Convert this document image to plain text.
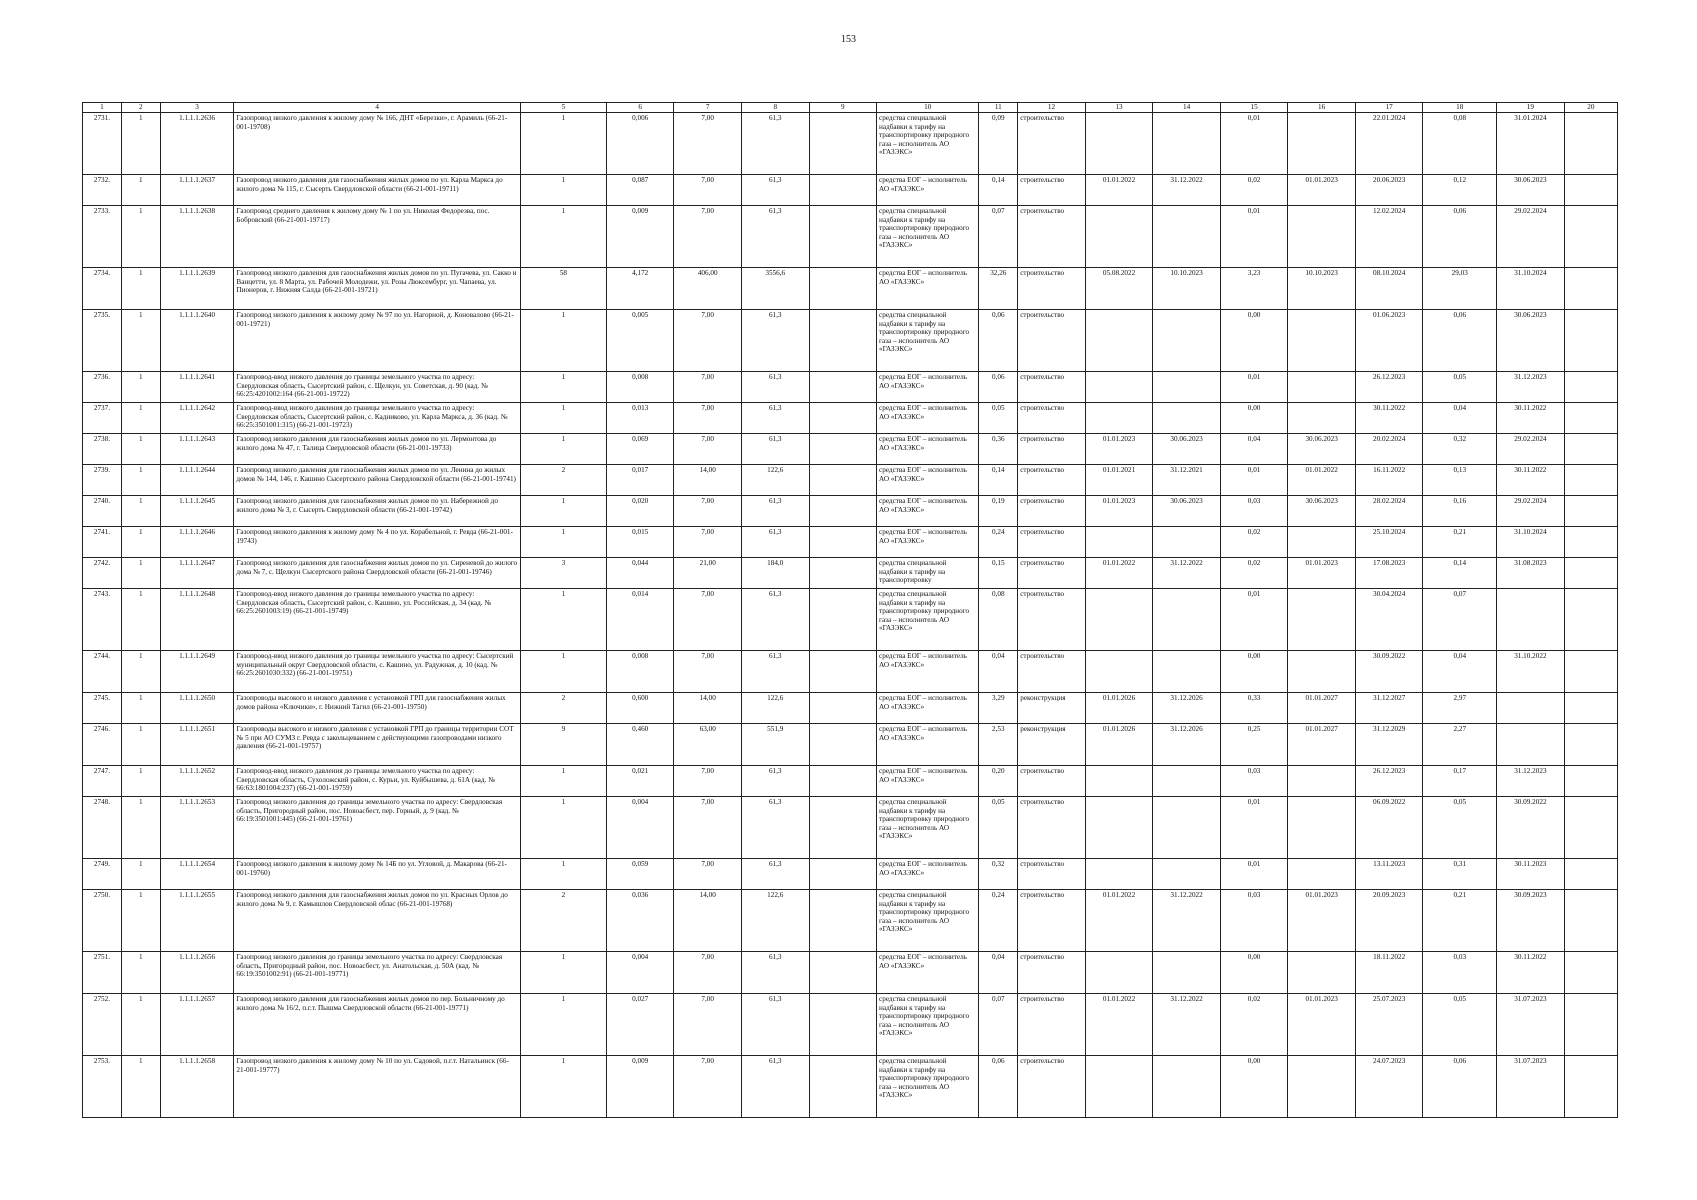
153
1	2	3	4	5	6	7	8	9	10	11	12	13	14	15	16	17	18	19	20
2731.	1	1.1.1.1.2636	Газопровод низкого давления к жилому дому № 166, ДНТ «Березки», г. Арамиль (66-21-001-19708)	1	0,006	7,00	61,3		средства специальной надбавки к тарифу на транспортировку природного газа – исполнитель АО «ГАЗЭКС»	0,09	строительство			0,01		22.01.2024	0,08	31.01.2024	
2732.	1	1.1.1.1.2637	Газопровод низкого давления для газоснабжения жилых домов по ул. Карла Маркса до жилого дома № 115, г. Сысерть Свердловской области (66-21-001-19711)	1	0,087	7,00	61,3		средства ЕОГ – исполнитель АО «ГАЗЭКС»	0,14	строительство	01.01.2022	31.12.2022	0,02	01.01.2023	20.06.2023	0,12	30.06.2023	
2733.	1	1.1.1.1.2638	Газопровод среднего давления к жилому дому № 1 по ул. Николая Федорезва, пос. Бобровский (66-21-001-19717)	1	0,009	7,00	61,3		средства специальной надбавки к тарифу на транспортировку природного газа – исполнитель АО «ГАЗЭКС»	0,07	строительство			0,01		12.02.2024	0,06	29.02.2024	
2734.	1	1.1.1.1.2639	Газопровод низкого давления для газоснабжения жилых домов по ул. Пугачева, ул. Сакко и Ванцетти, ул. 8 Марта, ул. Рабочей Молодежи, ул. Розы Люксембург, ул. Чапаева, ул. Пионеров, г. Нижняя Салда (66-21-001-19721)	58	4,172	406,00	3556,6		средства ЕОГ – исполнитель АО «ГАЗЭКС»	32,26	строительство	05.08.2022	10.10.2023	3,23	10.10.2023	08.10.2024	29,03	31.10.2024	
2735.	1	1.1.1.1.2640	Газопровод низкого давления к жилому дому № 97 по ул. Нагорной, д. Коновалово (66-21-001-19721)	1	0,005	7,00	61,3		средства специальной надбавки к тарифу на транспортировку природного газа – исполнитель АО «ГАЗЭКС»	0,06	строительство			0,00		01.06.2023	0,06	30.06.2023	
2736.	1	1.1.1.1.2641	Газопровод-ввод низкого давления до границы земельного участка по адресу: Свердловская область, Сысертский район, с. Щелкун, ул. Советская, д. 90 (кад. № 66:25:4201002:164 (66-21-001-19722)	1	0,008	7,00	61,3		средства ЕОГ – исполнитель АО «ГАЗЭКС»	0,06	строительство			0,01		26.12.2023	0,05	31.12.2023	
2737.	1	1.1.1.1.2642	Газопровод-ввод низкого давления до границы земельного участка по адресу: Свердловская область, Сысертский район, с. Кадниково, ул. Карла Маркса, д. 36 (кад. № 66:25:3501001:315) (66-21-001-19723)	1	0,013	7,00	61,3		средства ЕОГ – исполнитель АО «ГАЗЭКС»	0,05	строительство			0,00		30.11.2022	0,04	30.11.2022	
2738.	1	1.1.1.1.2643	Газопровод низкого давления для газоснабжения жилых домов по ул. Лермонтова до жилого дома № 47, г. Талица Свердловской области (66-21-001-19733)	1	0,069	7,00	61,3		средства ЕОГ – исполнитель АО «ГАЗЭКС»	0,36	строительство	01.01.2023	30.06.2023	0,04	30.06.2023	20.02.2024	0,32	29.02.2024	
2739.	1	1.1.1.1.2644	Газопровод низкого давления для газоснабжения жилых домов по ул. Ленина до жилых домов № 144, 146, г. Кашино Сысертского района Свердловской области (66-21-001-19741)	2	0,017	14,00	122,6		средства ЕОГ – исполнитель АО «ГАЗЭКС»	0,14	строительство	01.01.2021	31.12.2021	0,01	01.01.2022	16.11.2022	0,13	30.11.2022	
2740.	1	1.1.1.1.2645	Газопровод низкого давления для газоснабжения жилых домов по ул. Набережной до жилого дома № 3, г. Сысерть Свердловской области (66-21-001-19742)	1	0,020	7,00	61,3		средства ЕОГ – исполнитель АО «ГАЗЭКС»	0,19	строительство	01.01.2023	30.06.2023	0,03	30.06.2023	28.02.2024	0,16	29.02.2024	
2741.	1	1.1.1.1.2646	Газопровод низкого давления к жилому дому № 4 по ул. Корабельной, г. Ревда (66-21-001-19743)	1	0,015	7,00	61,3		средства ЕОГ – исполнитель АО «ГАЗЭКС»	0,24	строительство			0,02		25.10.2024	0,21	31.10.2024	
2742.	1	1.1.1.1.2647	Газопровод низкого давления для газоснабжения жилых домов по ул. Сиреневой до жилого дома № 7, с. Щелкун Сысертского района Свердловской области (66-21-001-19746)	3	0,044	21,00	184,0		средства специальной надбавки к тарифу на транспортировку	0,15	строительство	01.01.2022	31.12.2022	0,02	01.01.2023	17.08.2023	0,14	31.08.2023	
2743.	1	1.1.1.1.2648	Газопровод-ввод низкого давления до границы земельного участка по адресу: Свердловская область, Сысертский район, с. Кашино, ул. Российская, д. 34 (кад. № 66:25:2601003:19) (66-21-001-19749)	1	0,014	7,00	61,3		средства специальной надбавки к тарифу на транспортировку природного газа – исполнитель АО «ГАЗЭКС»	0,08	строительство			0,01		30.04.2024	0,07		
2744.	1	1.1.1.1.2649	Газопровод-ввод низкого давления до границы земельного участка по адресу: Сысертский муниципальный округ Свердловской области, с. Кашино, ул. Радужная, д. 10 (кад. № 66:25:2601030:332) (66-21-001-19751)	1	0,008	7,00	61,3		средства ЕОГ – исполнитель АО «ГАЗЭКС»	0,04	строительство			0,00		30.09.2022	0,04	31.10.2022	
2745.	1	1.1.1.1.2650	Газопроводы высокого и низкого давления с установкой ГРП для газоснабжения жилых домов района «Ключики», г. Нижний Тагил (66-21-001-19750)	2	0,600	14,00	122,6		средства ЕОГ – исполнитель АО «ГАЗЭКС»	3,29	реконструкция	01.01.2026	31.12.2026	0,33	01.01.2027	31.12.2027	2,97		
2746.	1	1.1.1.1.2651	Газопроводы высокого и низкого давления с установкой ГРП до границы территории СОТ № 5 при АО СУМЗ г. Ревда с закольцеванием с действующими газопроводами низкого давления (66-21-001-19757)	9	0,460	63,00	551,9		средства ЕОГ – исполнитель АО «ГАЗЭКС»	2,53	реконструкция	01.01.2026	31.12.2026	0,25	01.01.2027	31.12.2029	2,27		
2747.	1	1.1.1.1.2652	Газопровод-ввод низкого давления до границы земельного участка по адресу: Свердловская область, Сухоложский район, с. Курьи, ул. Куйбышева, д. 61А (кад. № 66:63:1801004:237) (66-21-001-19759)	1	0,021	7,00	61,3		средства ЕОГ – исполнитель АО «ГАЗЭКС»	0,20	строительство			0,03		26.12.2023	0,17	31.12.2023	
2748.	1	1.1.1.1.2653	Газопровод низкого давления до границы земельного участка по адресу: Свердловская область, Пригородный район, пос. Новоасбест, пер. Горный, д. 9 (кад. № 66:19:3501001:445) (66-21-001-19761)	1	0,004	7,00	61,3		средства специальной надбавки к тарифу на транспортировку природного газа – исполнитель АО «ГАЗЭКС»	0,05	строительство			0,01		06.09.2022	0,05	30.09.2022	
2749.	1	1.1.1.1.2654	Газопровод низкого давления к жилому дому № 14Б по ул. Угловой, д. Макарова (66-21-001-19760)	1	0,059	7,00	61,3		средства ЕОГ – исполнитель АО «ГАЗЭКС»	0,32	строительство			0,01		13.11.2023	0,31	30.11.2023	
2750.	1	1.1.1.1.2655	Газопровод низкого давления для газоснабжения жилых домов по ул. Красных Орлов до жилого дома № 9, г. Камышлов Свердловской облас (66-21-001-19768)	2	0,036	14,00	122,6		средства специальной надбавки к тарифу на транспортировку природного газа – исполнитель АО «ГАЗЭКС»	0,24	строительство	01.01.2022	31.12.2022	0,03	01.01.2023	20.09.2023	0,21	30.09.2023	
2751.	1	1.1.1.1.2656	Газопровод низкого давления до границы земельного участка по адресу: Свердловская область, Пригородный район, пос. Новоасбест, ул. Анатольская, д. 50А (кад. № 66:19:3501002:91) (66-21-001-19771)	1	0,004	7,00	61,3		средства ЕОГ – исполнитель АО «ГАЗЭКС»	0,04	строительство			0,00		18.11.2022	0,03	30.11.2022	
2752.	1	1.1.1.1.2657	Газопровод низкого давления для газоснабжения жилых домов по пер. Больничному до жилого дома № 16/2, п.г.т. Пышма Свердловской области (66-21-001-19771)	1	0,027	7,00	61,3		средства специальной надбавки к тарифу на транспортировку природного газа – исполнитель АО «ГАЗЭКС»	0,07	строительство	01.01.2022	31.12.2022	0,02	01.01.2023	25.07.2023	0,05	31.07.2023	
2753.	1	1.1.1.1.2658	Газопровод низкого давления к жилому дому № 10 по ул. Садовой, п.г.т. Натальинск (66-21-001-19777)	1	0,009	7,00	61,3		средства специальной надбавки к тарифу на транспортировку природного газа – исполнитель АО «ГАЗЭКС»	0,06	строительство			0,00		24.07.2023	0,06	31.07.2023	
